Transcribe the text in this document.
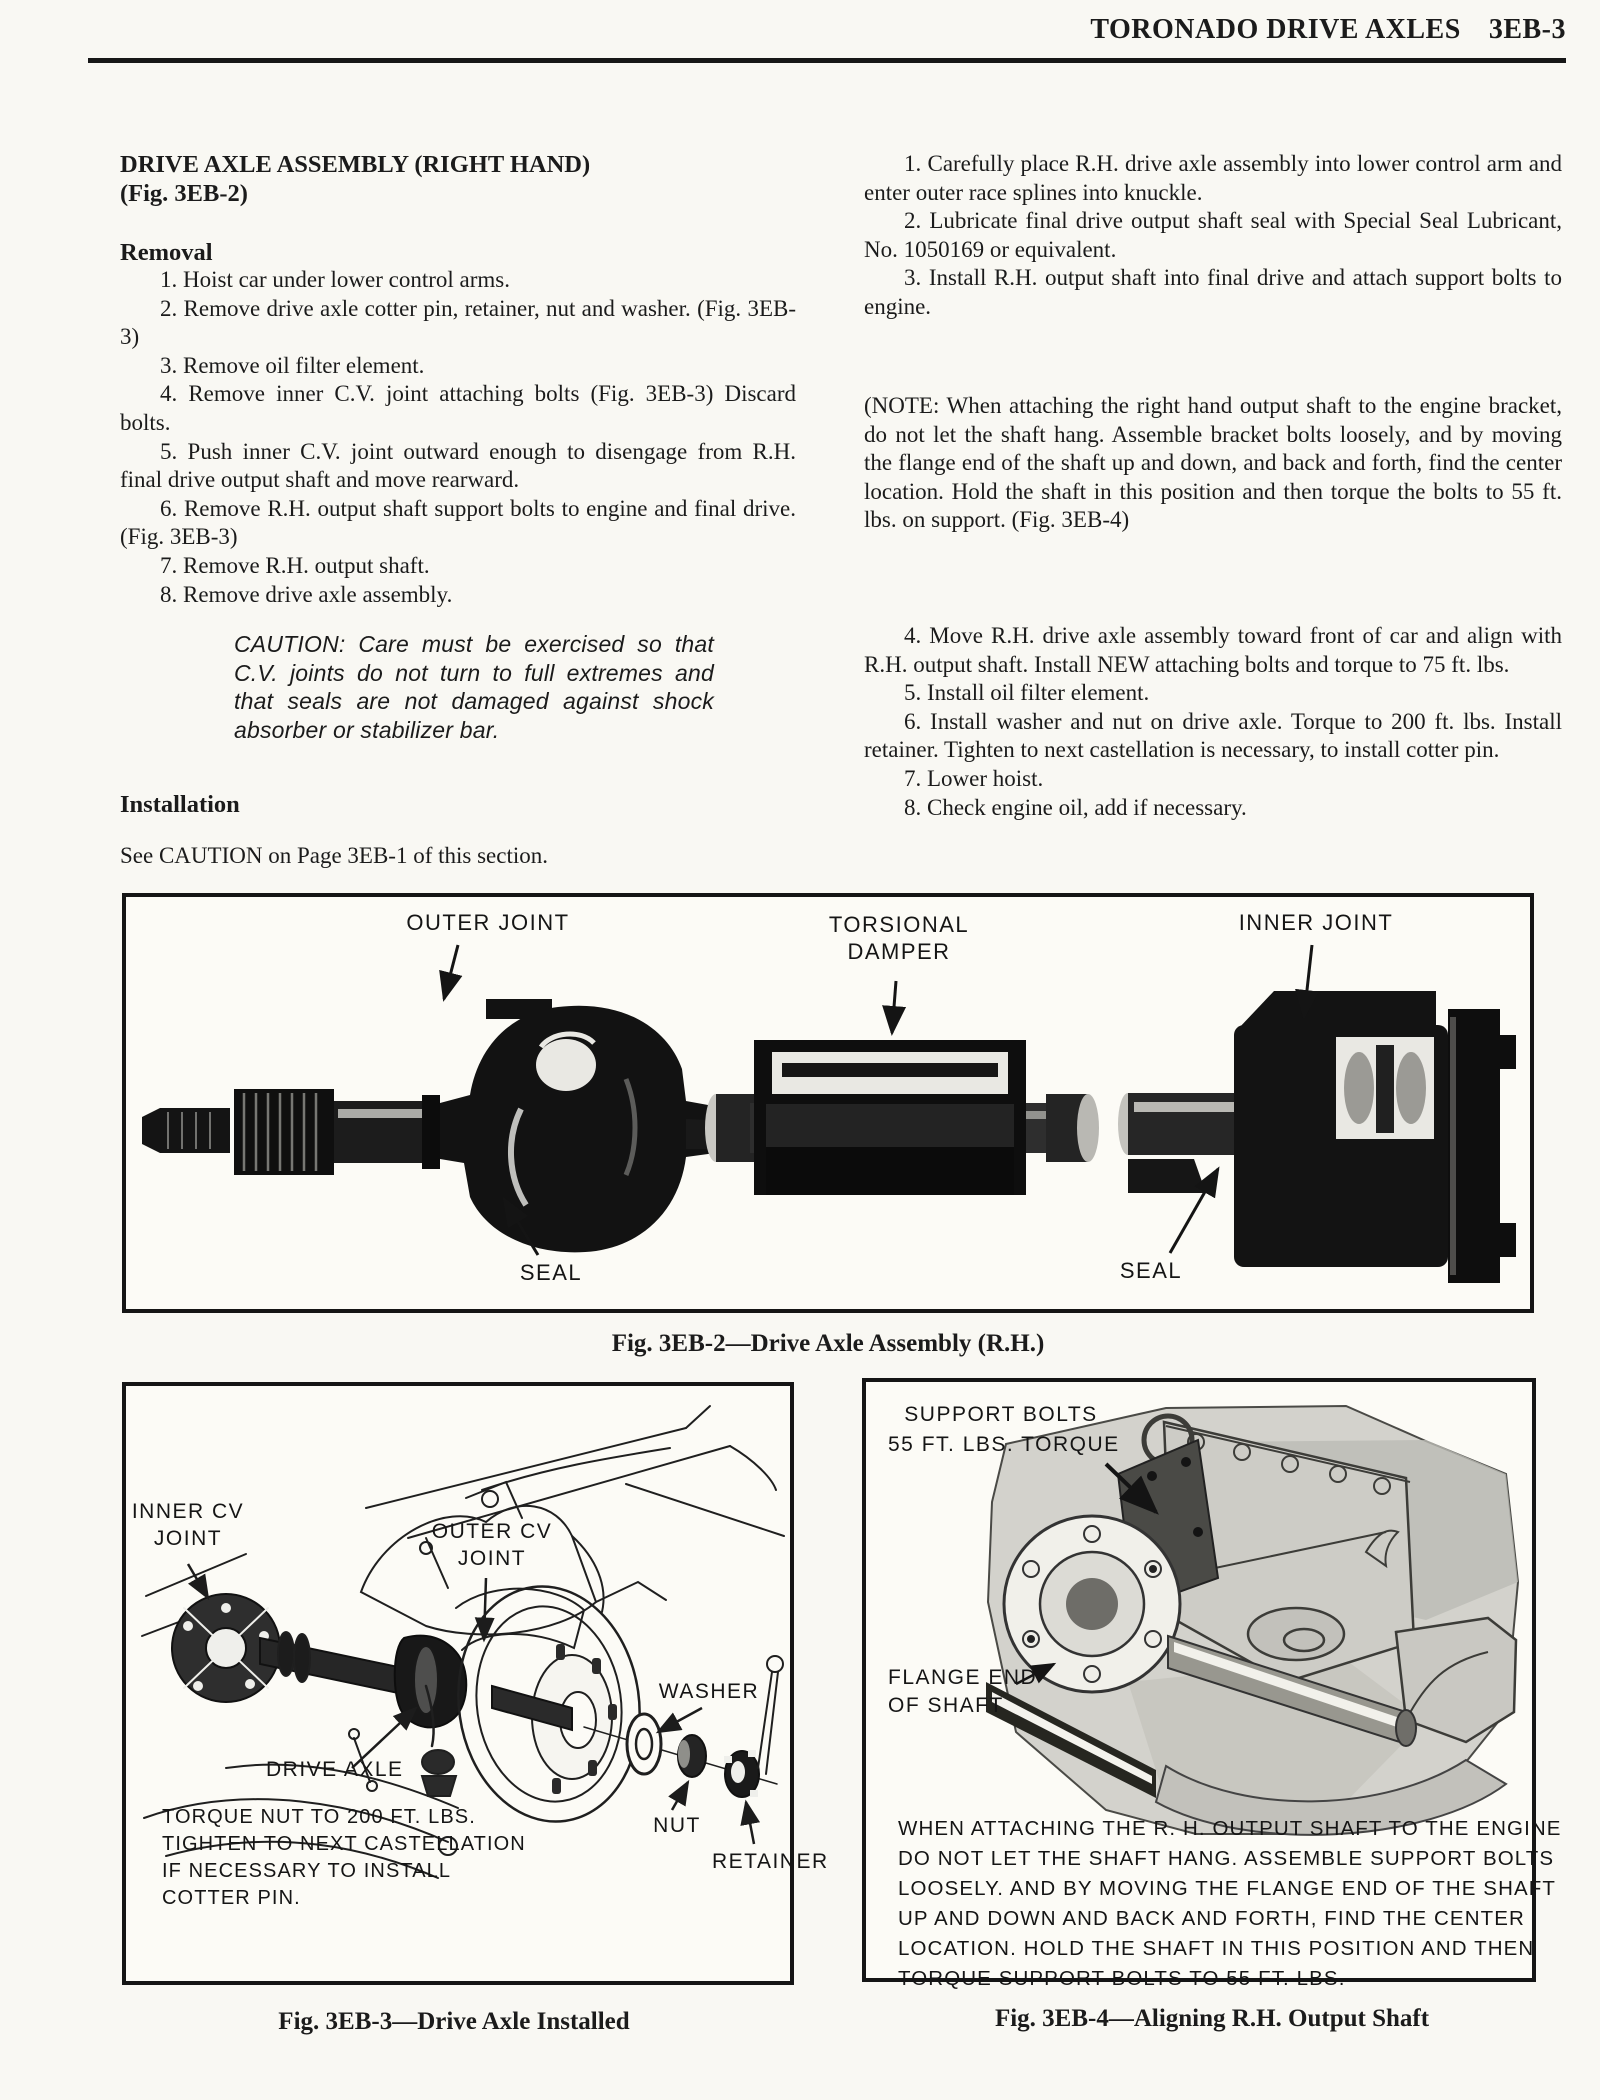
TORONADO DRIVE AXLES 3EB-3

DRIVE AXLE ASSEMBLY (RIGHT HAND)

(Fig. 3EB-2)

Removal

1. Hoist car under lower control arms.

2. Remove drive axle cotter pin, retainer, nut and washer. (Fig. 3EB-3)

3. Remove oil filter element.

4. Remove inner C.V. joint attaching bolts (Fig. 3EB-3) Discard bolts.

5. Push inner C.V. joint outward enough to disengage from R.H. final drive output shaft and move rearward.

6. Remove R.H. output shaft support bolts to engine and final drive. (Fig. 3EB-3)

7. Remove R.H. output shaft.

8. Remove drive axle assembly.

CAUTION: Care must be exercised so that C.V. joints do not turn to full extremes and that seals are not damaged against shock absorber or stabilizer bar.

Installation

See CAUTION on Page 3EB-1 of this section.

1. Carefully place R.H. drive axle assembly into lower control arm and enter outer race splines into knuckle.

2. Lubricate final drive output shaft seal with Special Seal Lubricant, No. 1050169 or equivalent.

3. Install R.H. output shaft into final drive and attach support bolts to engine.

(NOTE: When attaching the right hand output shaft to the engine bracket, do not let the shaft hang. Assemble bracket bolts loosely, and by moving the flange end of the shaft up and down, and back and forth, find the center location. Hold the shaft in this position and then torque the bolts to 55 ft. lbs. on support. (Fig. 3EB-4)

4. Move R.H. drive axle assembly toward front of car and align with R.H. output shaft. Install NEW attaching bolts and torque to 75 ft. lbs.

5. Install oil filter element.

6. Install washer and nut on drive axle. Torque to 200 ft. lbs. Install retainer. Tighten to next castellation is necessary, to install cotter pin.

7. Lower hoist.

8. Check engine oil, add if necessary.

OUTER JOINT	TORSIONAL
DAMPER
INNER JOINT
SEAL	SEAL
Fig. 3EB-2—Drive Axle Assembly (R.H.)
INNER CV
JOINT	OUTER CV
JOINT
WASHER
DRIVE AXLE
NUT
RETAINER
TORQUE NUT TO 200 FT. LBS.
TIGHTEN TO NEXT CASTELLATION
IF NECESSARY TO INSTALL
COTTER PIN.
Fig. 3EB-3—Drive Axle Installed
SUPPORT BOLTS
55 FT. LBS. TORQUE
FLANGE END
OF SHAFT
WHEN ATTACHING THE R. H. OUTPUT SHAFT TO THE ENGINE
DO NOT LET THE SHAFT HANG. ASSEMBLE SUPPORT BOLTS
LOOSELY. AND BY MOVING THE FLANGE END OF THE SHAFT
UP AND DOWN AND BACK AND FORTH, FIND THE CENTER
LOCATION. HOLD THE SHAFT IN THIS POSITION AND THEN
TORQUE SUPPORT BOLTS TO 55 FT. LBS.
Fig. 3EB-4—Aligning R.H. Output Shaft
